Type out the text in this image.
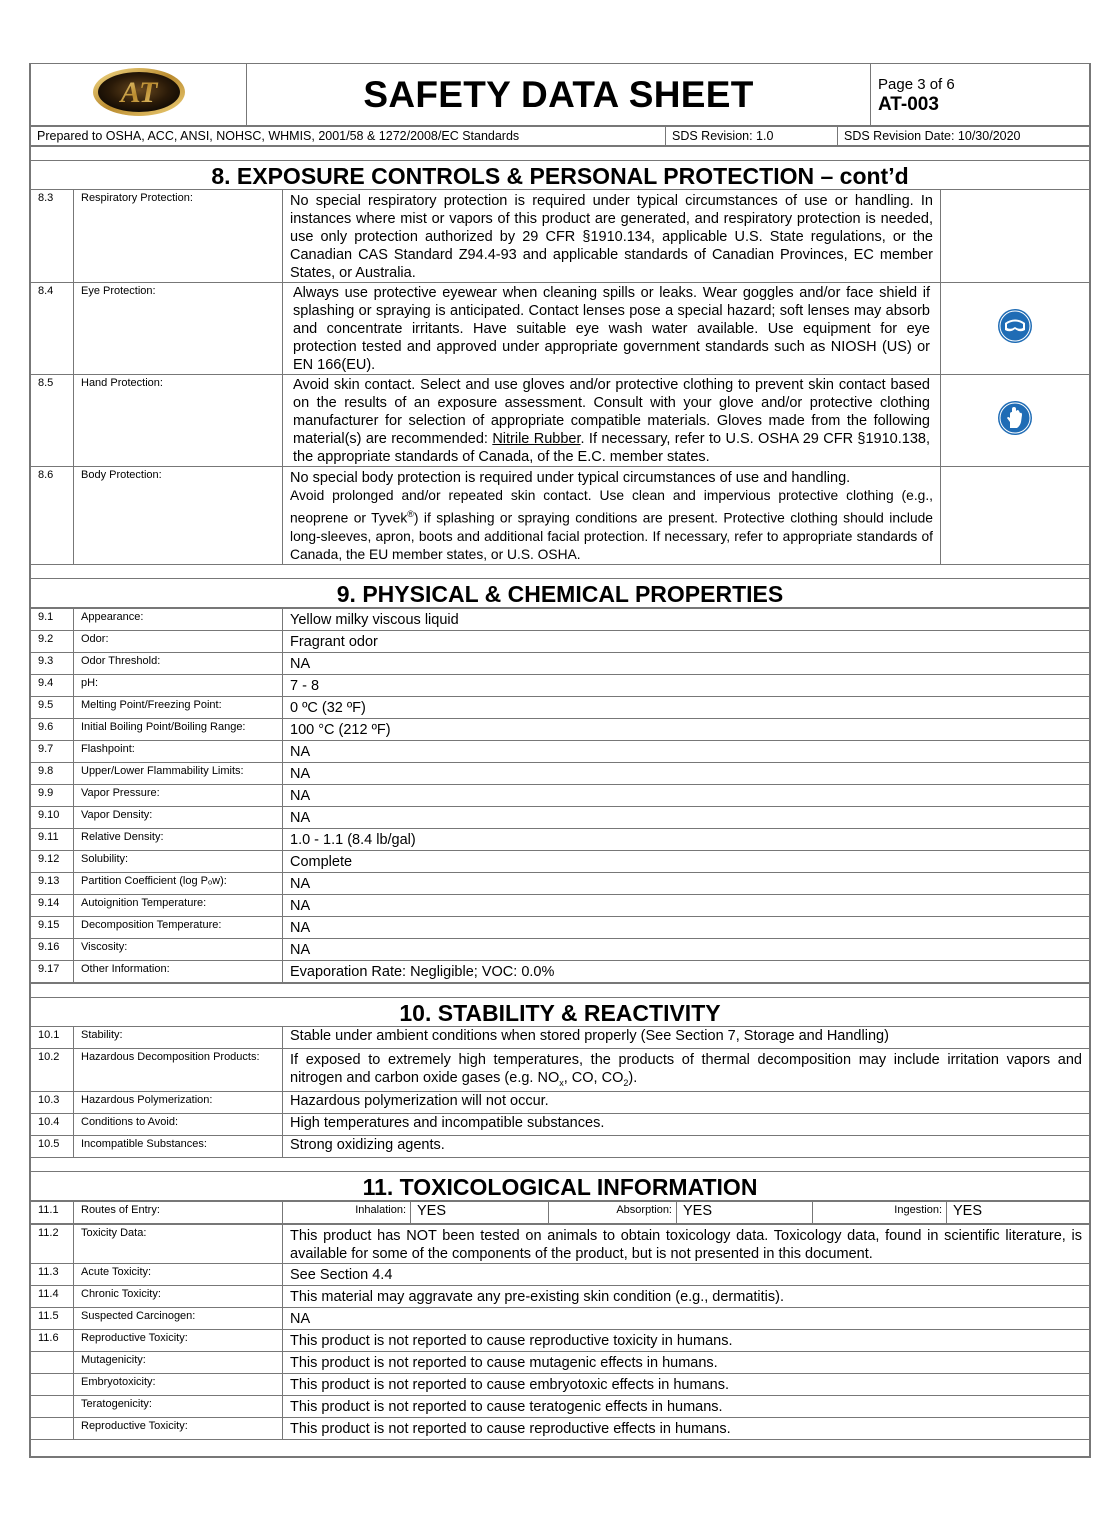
AT	SAFETY DATA SHEET	Page 3 of 6
AT-003
Prepared to OSHA, ACC, ANSI, NOHSC, WHMIS, 2001/58 & 1272/2008/EC Standards	SDS Revision: 1.0	SDS Revision Date: 10/30/2020

8. EXPOSURE CONTROLS & PERSONAL PROTECTION – cont’d			
8.3	Respiratory Protection:	No special respiratory protection is required under typical circumstances of use or handling. In instances where mist or vapors of this product are generated, and respiratory protection is needed, use only protection authorized by 29 CFR §1910.134, applicable U.S. State regulations, or the Canadian CAS Standard Z94.4-93 and applicable standards of Canadian Provinces, EC member States, or Australia.	
8.4	Eye Protection:	Always use protective eyewear when cleaning spills or leaks. Wear goggles and/or face shield if splashing or spraying is anticipated. Contact lenses pose a special hazard; soft lenses may absorb and concentrate irritants. Have suitable eye wash water available. Use equipment for eye protection tested and approved under appropriate government standards such as NIOSH (US) or EN 166(EU).	
8.5	Hand Protection:	Avoid skin contact. Select and use gloves and/or protective clothing to prevent skin contact based on the results of an exposure assessment. Consult with your glove and/or protective clothing manufacturer for selection of appropriate compatible materials. Gloves made from the following material(s) are recommended: Nitrile Rubber. If necessary, refer to U.S. OSHA 29 CFR §1910.138, the appropriate standards of Canada, of the E.C. member states.	
8.6	Body Protection:	No special body protection is required under typical circumstances of use and handling.
Avoid prolonged and/or repeated skin contact. Use clean and impervious protective clothing (e.g., neoprene or Tyvek®) if splashing or spraying conditions are present. Protective clothing should include long-sleeves, apron, boots and additional facial protection. If necessary, refer to appropriate standards of Canada, the EU member states, or U.S. OSHA.	

9. PHYSICAL & CHEMICAL PROPERTIES			
9.1	Appearance:	Yellow milky viscous liquid
9.2	Odor:	Fragrant odor
9.3	Odor Threshold:	NA
9.4	pH:	7 - 8
9.5	Melting Point/Freezing Point:	0 ºC (32 ºF)
9.6	Initial Boiling Point/Boiling Range:	100 °C (212 ºF)
9.7	Flashpoint:	NA
9.8	Upper/Lower Flammability Limits:	NA
9.9	Vapor Pressure:	NA
9.10	Vapor Density:	NA
9.11	Relative Density:	1.0 - 1.1 (8.4 lb/gal)
9.12	Solubility:	Complete
9.13	Partition Coefficient (log Pₒw):	NA
9.14	Autoignition Temperature:	NA
9.15	Decomposition Temperature:	NA
9.16	Viscosity:	NA
9.17	Other Information:	Evaporation Rate: Negligible; VOC: 0.0%

10. STABILITY & REACTIVITY		
10.1	Stability:	Stable under ambient conditions when stored properly (See Section 7, Storage and Handling)
10.2	Hazardous Decomposition Products:	If exposed to extremely high temperatures, the products of thermal decomposition may include irritation vapors and nitrogen and carbon oxide gases (e.g. $NO_x$, CO, $CO_2$).
10.3	Hazardous Polymerization:	Hazardous polymerization will not occur.
10.4	Conditions to Avoid:	High temperatures and incompatible substances.
10.5	Incompatible Substances:	Strong oxidizing agents.

11. TOXICOLOGICAL INFORMATION		
11.1	Routes of Entry:	Inhalation:	YES	Absorption:	YES	Ingestion:	YES
11.2	Toxicity Data:	This product has NOT been tested on animals to obtain toxicology data. Toxicology data, found in scientific literature, is available for some of the components of the product, but is not presented in this document.
11.3	Acute Toxicity:	See Section 4.4
11.4	Chronic Toxicity:	This material may aggravate any pre-existing skin condition (e.g., dermatitis).
11.5	Suspected Carcinogen:	NA
11.6	Reproductive Toxicity:	This product is not reported to cause reproductive toxicity in humans.
	Mutagenicity:	This product is not reported to cause mutagenic effects in humans.
	Embryotoxicity:	This product is not reported to cause embryotoxic effects in humans.
	Teratogenicity:	This product is not reported to cause teratogenic effects in humans.
	Reproductive Toxicity:	This product is not reported to cause reproductive effects in humans.
